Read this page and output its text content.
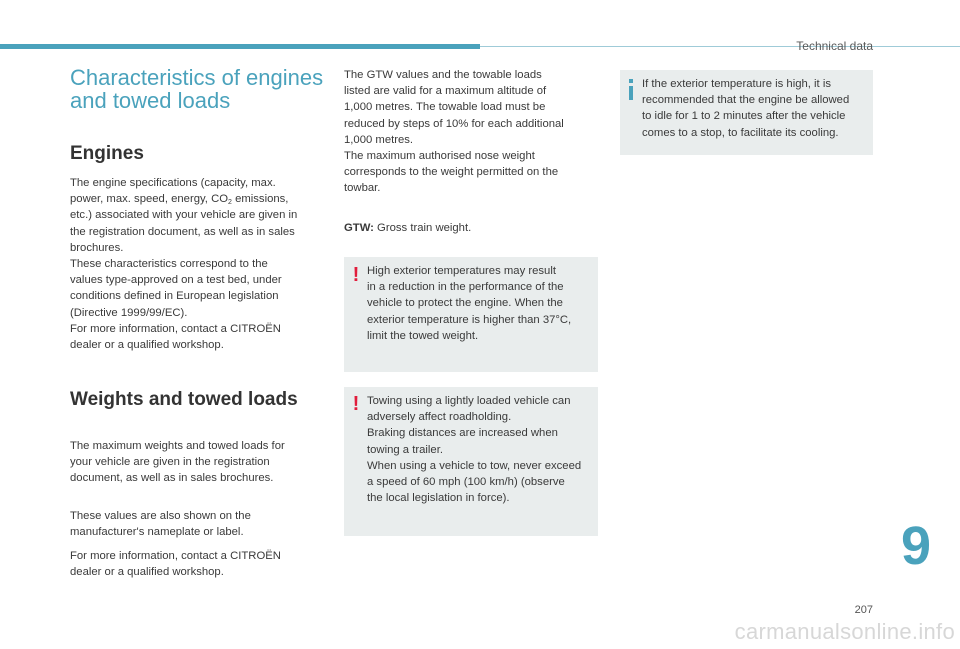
Technical data
Characteristics of engines
and towed loads
Engines
The engine specifications (capacity, max.
power, max. speed, energy, $CO_2$ emissions,
etc.) associated with your vehicle are given in
the registration document, as well as in sales
brochures.
These characteristics correspond to the
values type-approved on a test bed, under
conditions defined in European legislation
(Directive 1999/99/EC).
For more information, contact a CITROËN
dealer or a qualified workshop.
Weights and towed loads
The maximum weights and towed loads for
your vehicle are given in the registration
document, as well as in sales brochures.
These values are also shown on the
manufacturer's nameplate or label.
For more information, contact a CITROËN
dealer or a qualified workshop.
The GTW values and the towable loads
listed are valid for a maximum altitude of
1,000 metres. The towable load must be
reduced by steps of 10% for each additional
1,000 metres.
The maximum authorised nose weight
corresponds to the weight permitted on the
towbar.
GTW: Gross train weight.
! High exterior temperatures may result
in a reduction in the performance of the
vehicle to protect the engine. When the
exterior temperature is higher than 37°C,
limit the towed weight.
! Towing using a lightly loaded vehicle can
adversely affect roadholding.
Braking distances are increased when
towing a trailer.
When using a vehicle to tow, never exceed
a speed of 60 mph (100 km/h) (observe
the local legislation in force).
If the exterior temperature is high, it is
recommended that the engine be allowed
to idle for 1 to 2 minutes after the vehicle
comes to a stop, to facilitate its cooling.
9
207
carmanualsonline.info
